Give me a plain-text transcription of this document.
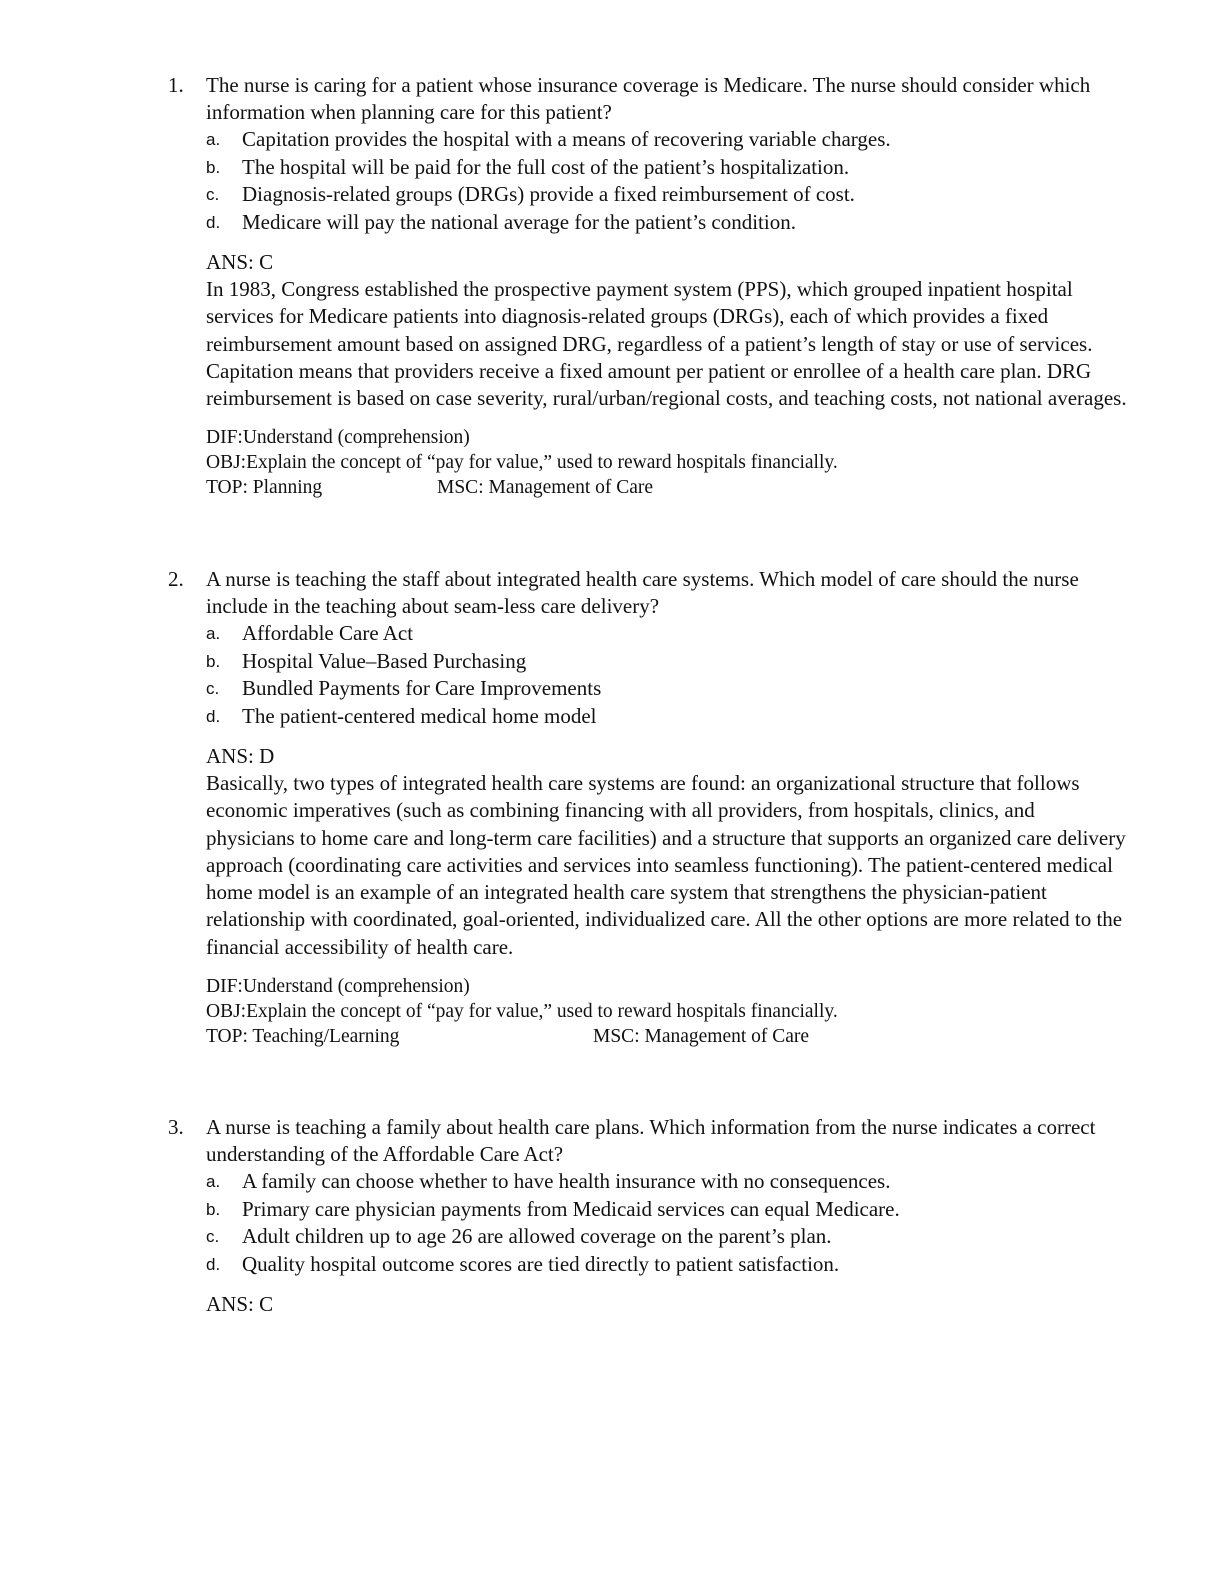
1. The nurse is caring for a patient whose insurance coverage is Medicare. The nurse should consider which information when planning care for this patient?
a. Capitation provides the hospital with a means of recovering variable charges.
b. The hospital will be paid for the full cost of the patient’s hospitalization.
c. Diagnosis-related groups (DRGs) provide a fixed reimbursement of cost.
d. Medicare will pay the national average for the patient’s condition.
ANS: C
In 1983, Congress established the prospective payment system (PPS), which grouped inpatient hospital services for Medicare patients into diagnosis-related groups (DRGs), each of which provides a fixed reimbursement amount based on assigned DRG, regardless of a patient’s length of stay or use of services. Capitation means that providers receive a fixed amount per patient or enrollee of a health care plan. DRG reimbursement is based on case severity, rural/urban/regional costs, and teaching costs, not national averages.
DIF:Understand (comprehension)
OBJ:Explain the concept of “pay for value,” used to reward hospitals financially.
TOP: Planning	MSC: Management of Care
2. A nurse is teaching the staff about integrated health care systems. Which model of care should the nurse include in the teaching about seam-less care delivery?
a. Affordable Care Act
b. Hospital Value–Based Purchasing
c. Bundled Payments for Care Improvements
d. The patient-centered medical home model
ANS: D
Basically, two types of integrated health care systems are found: an organizational structure that follows economic imperatives (such as combining financing with all providers, from hospitals, clinics, and physicians to home care and long-term care facilities) and a structure that supports an organized care delivery approach (coordinating care activities and services into seamless functioning). The patient-centered medical home model is an example of an integrated health care system that strengthens the physician-patient relationship with coordinated, goal-oriented, individualized care. All the other options are more related to the financial accessibility of health care.
DIF:Understand (comprehension)
OBJ:Explain the concept of “pay for value,” used to reward hospitals financially.
TOP: Teaching/Learning	MSC: Management of Care
3. A nurse is teaching a family about health care plans. Which information from the nurse indicates a correct understanding of the Affordable Care Act?
a. A family can choose whether to have health insurance with no consequences.
b. Primary care physician payments from Medicaid services can equal Medicare.
c. Adult children up to age 26 are allowed coverage on the parent’s plan.
d. Quality hospital outcome scores are tied directly to patient satisfaction.
ANS: C
